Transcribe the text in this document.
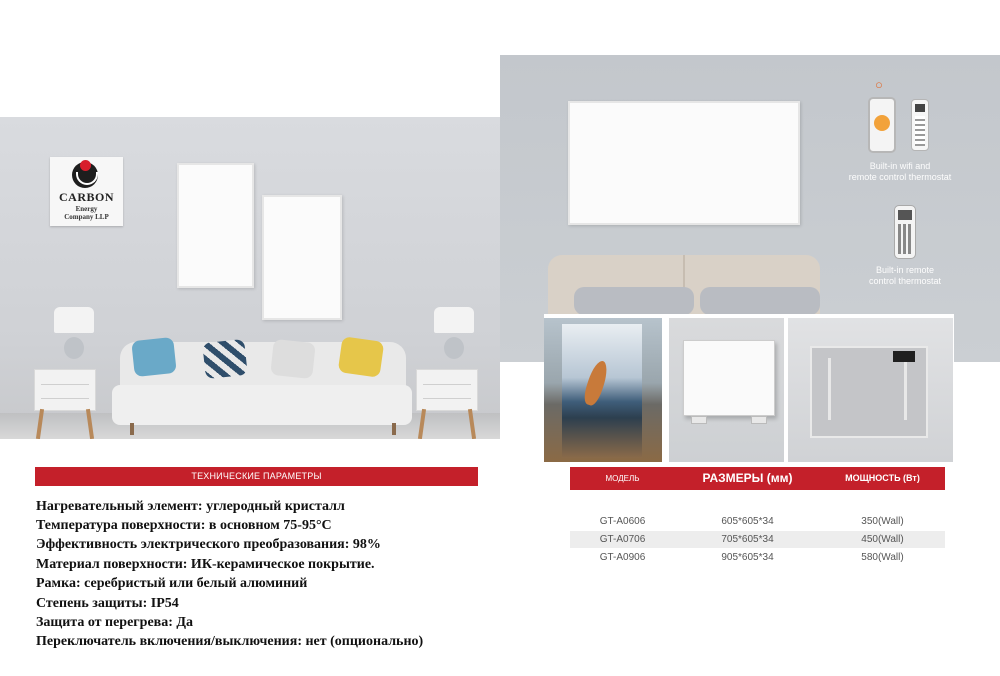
CARBON
Energy
Company LLP
○
Built-in wifi and
remote control thermostat
Built-in remote
control thermostat
ТЕХНИЧЕСКИЕ ПАРАМЕТРЫ
Нагревательный элемент: углеродный кристалл
Температура поверхности: в основном 75-95°C
Эффективность электрического преобразования: 98%
Материал поверхности: ИК-керамическое покрытие.
Рамка: серебристый или белый алюминий
Степень защиты: IP54
Защита от перегрева: Да
Переключатель включения/выключения: нет (опционально)
МОДЕЛЬ	РАЗМЕРЫ (мм)	МОЩНОСТЬ (Вт)
GT-A0606	605*605*34	350(Wall)
GT-A0706	705*605*34	450(Wall)
GT-A0906	905*605*34	580(Wall)
